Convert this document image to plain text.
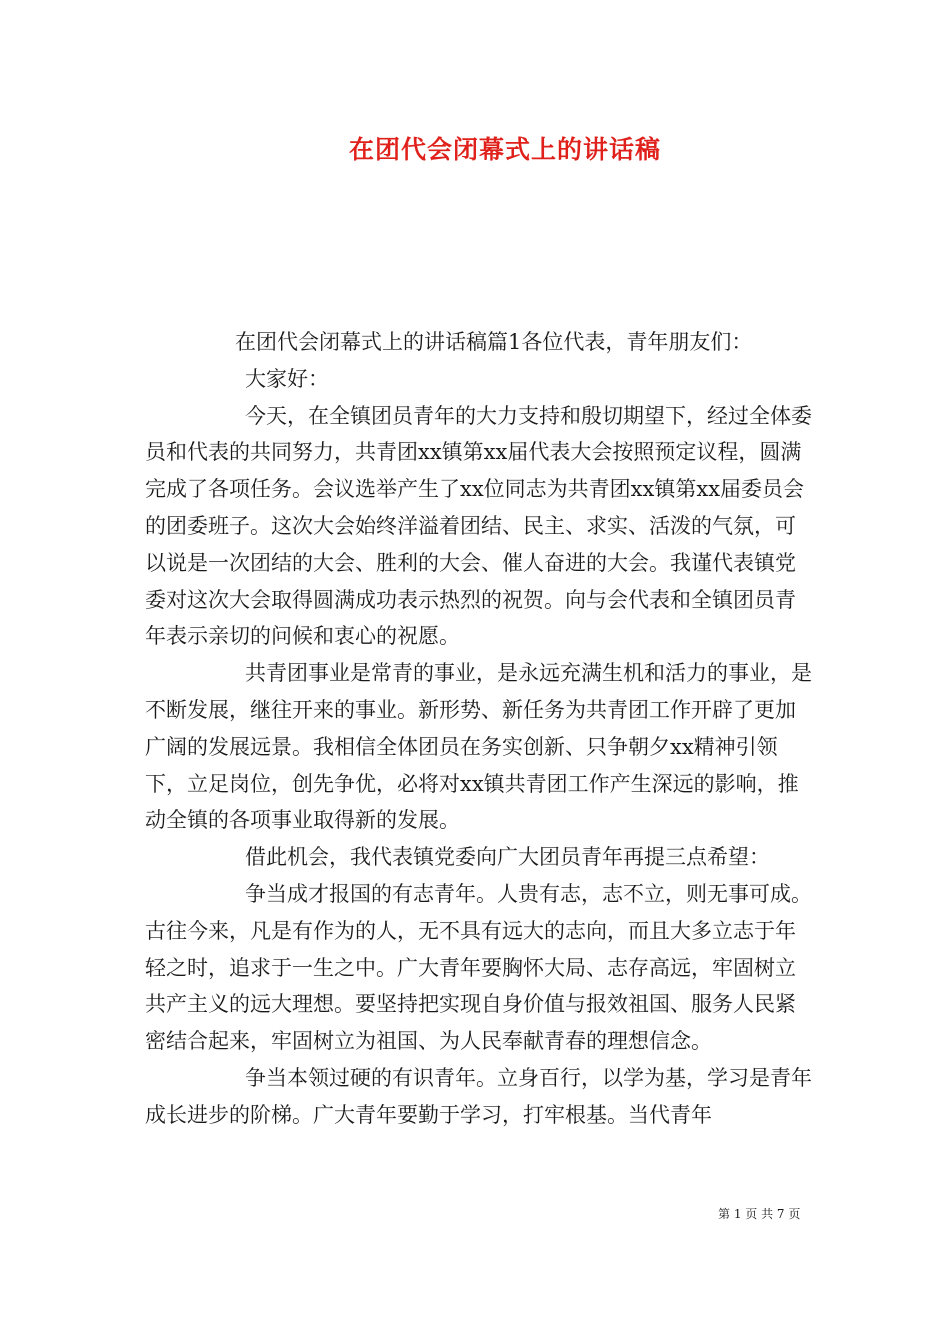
在团代会闭幕式上的讲话稿

在团代会闭幕式上的讲话稿篇1各位代表，青年朋友们：

大家好：

今天，在全镇团员青年的大力支持和殷切期望下，经过全体委员和代表的共同努力，共青团xx镇第xx届代表大会按照预定议程，圆满完成了各项任务。会议选举产生了xx位同志为共青团xx镇第xx届委员会的团委班子。这次大会始终洋溢着团结、民主、求实、活泼的气氛，可以说是一次团结的大会、胜利的大会、催人奋进的大会。我谨代表镇党委对这次大会取得圆满成功表示热烈的祝贺。向与会代表和全镇团员青年表示亲切的问候和衷心的祝愿。

共青团事业是常青的事业，是永远充满生机和活力的事业，是不断发展，继往开来的事业。新形势、新任务为共青团工作开辟了更加广阔的发展远景。我相信全体团员在务实创新、只争朝夕xx精神引领下，立足岗位，创先争优，必将对xx镇共青团工作产生深远的影响，推动全镇的各项事业取得新的发展。

借此机会，我代表镇党委向广大团员青年再提三点希望：

争当成才报国的有志青年。人贵有志，志不立，则无事可成。古往今来，凡是有作为的人，无不具有远大的志向，而且大多立志于年轻之时，追求于一生之中。广大青年要胸怀大局、志存高远，牢固树立共产主义的远大理想。要坚持把实现自身价值与报效祖国、服务人民紧密结合起来，牢固树立为祖国、为人民奉献青春的理想信念。

争当本领过硬的有识青年。立身百行，以学为基，学习是青年成长进步的阶梯。广大青年要勤于学习，打牢根基。当代青年

第 1 页 共 7 页
